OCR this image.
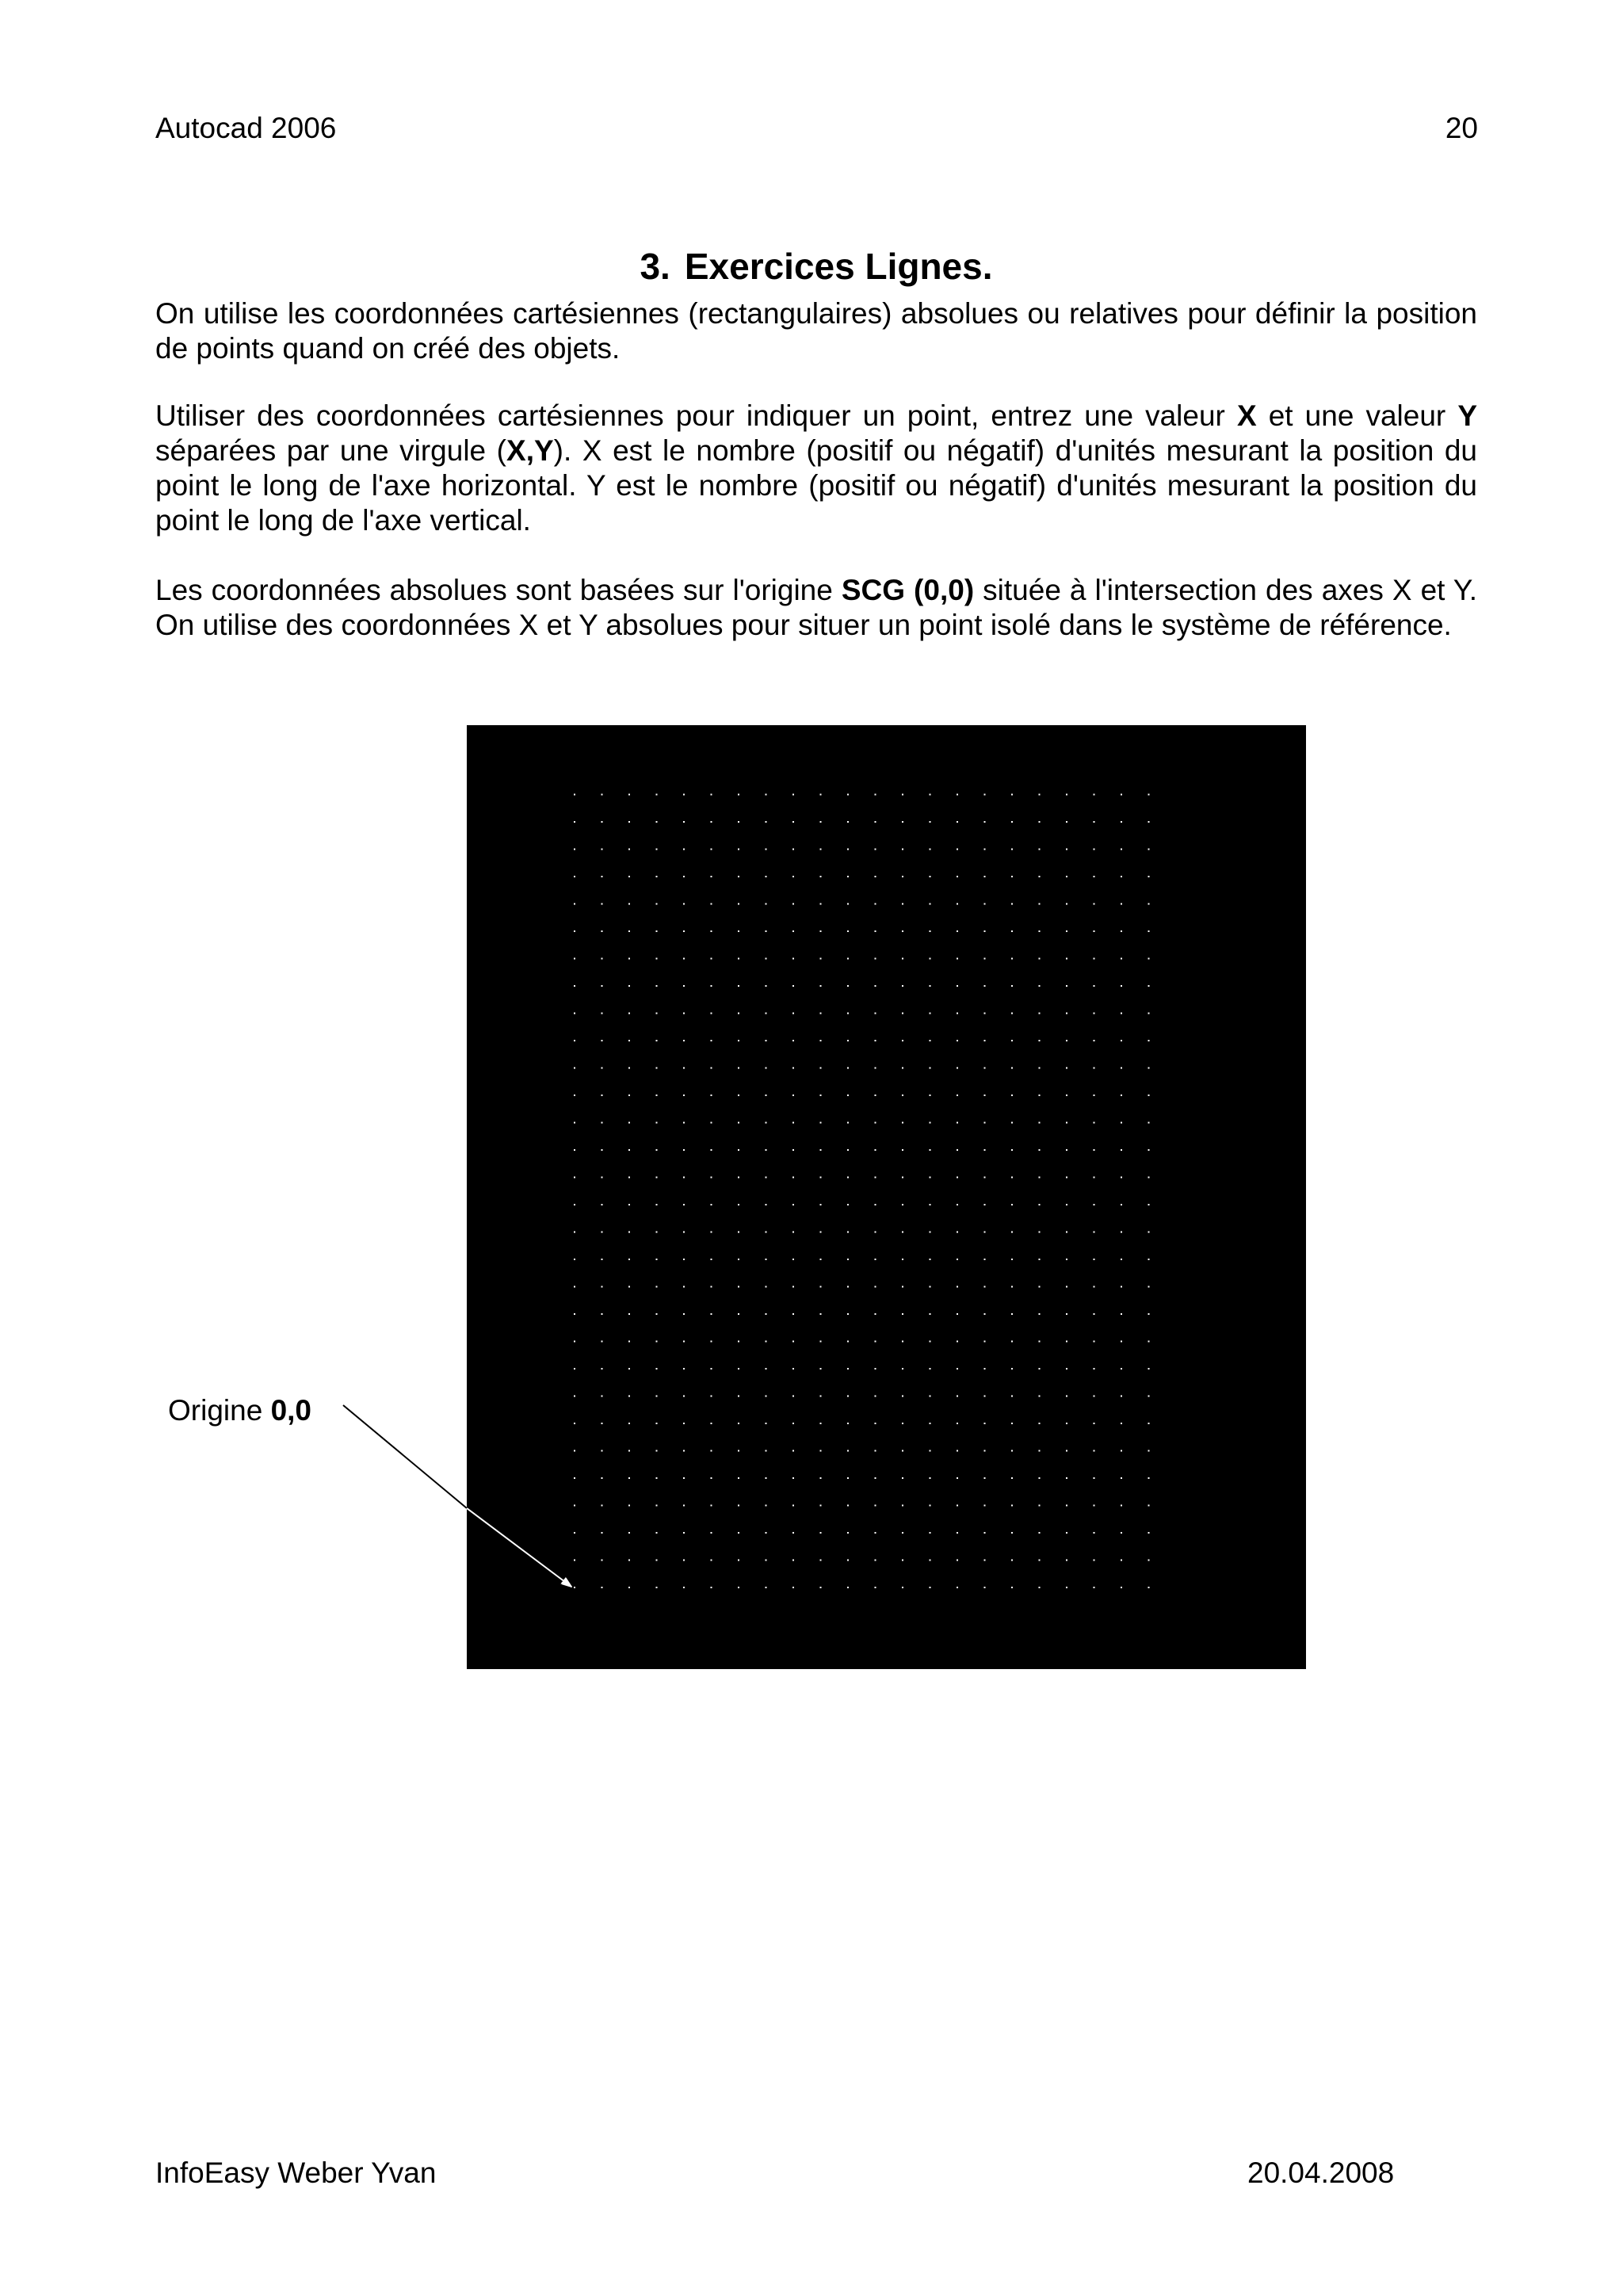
Autocad 2006	20
3. Exercices Lignes.

On utilise les coordonnées cartésiennes (rectangulaires) absolues ou relatives pour définir la position de points quand on créé des objets.

Utiliser des coordonnées cartésiennes pour indiquer un point, entrez une valeur X et une valeur Y séparées par une virgule (X,Y). X est le nombre (positif ou négatif) d'unités mesurant la position du point le long de l'axe horizontal. Y est le nombre (positif ou négatif) d'unités mesurant la position du point le long de l'axe vertical.

Les coordonnées absolues sont basées sur l'origine SCG (0,0) située à l'intersection des axes X et Y. On utilise des coordonnées X et Y absolues pour situer un point isolé dans le système de référence.

Origine 0,0
InfoEasy Weber Yvan	20.04.2008
